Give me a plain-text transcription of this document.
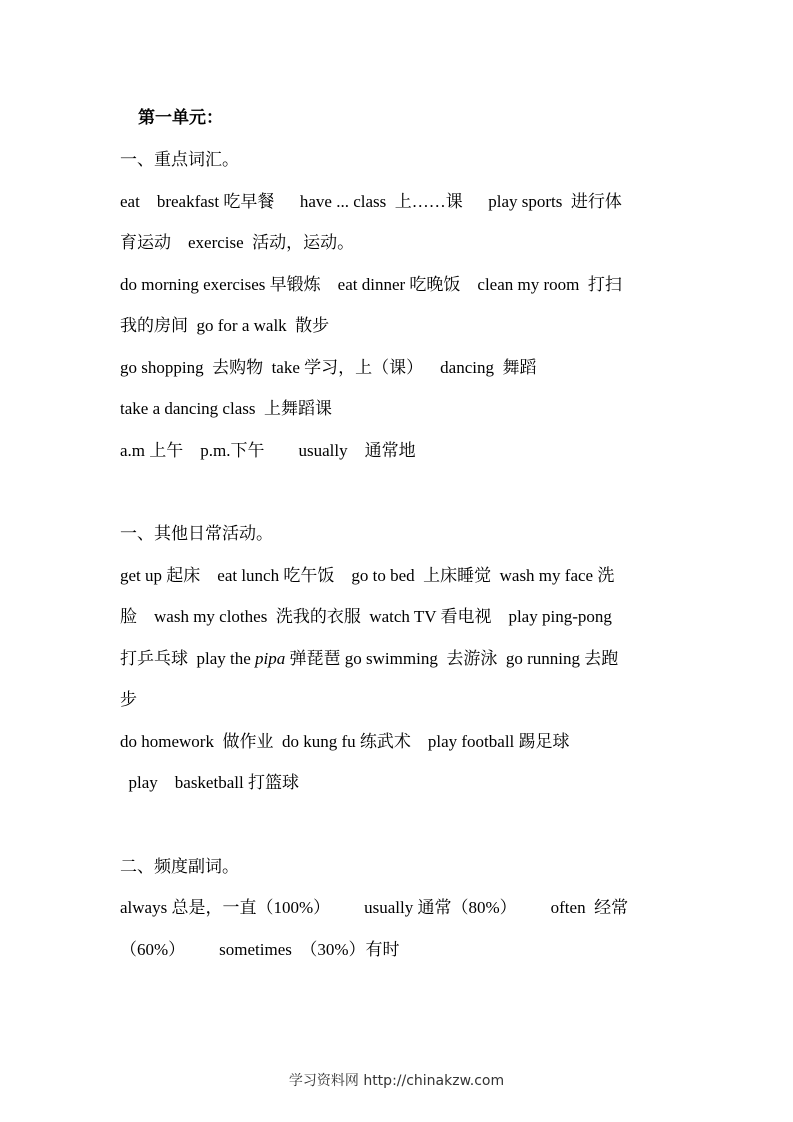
第一单元：
一、重点词汇。
eat    breakfast 吃早餐      have ... class  上……课      play sports  进行体
育运动    exercise  活动，运动。
do morning exercises 早锻炼    eat dinner 吃晚饭    clean my room  打扫
我的房间  go for a walk  散步
go shopping  去购物  take 学习，上（课）    dancing  舞蹈
take a dancing class  上舞蹈课
a.m 上午    p.m.下午        usually    通常地
一、其他日常活动。
get up 起床    eat lunch 吃午饭    go to bed  上床睡觉  wash my face 洗
脸    wash my clothes  洗我的衣服  watch TV 看电视    play ping-pong
打乒乓球  play the pipa 弹琵琶 go swimming  去游泳  go running 去跑
步
do homework  做作业  do kung fu 练武术    play football 踢足球
play    basketball 打篮球
二、频度副词。
always 总是，一直（100%）        usually 通常（80%）        often  经常
（60%）        sometimes  （30%）有时
学习资料网 http://chinakzw.com
